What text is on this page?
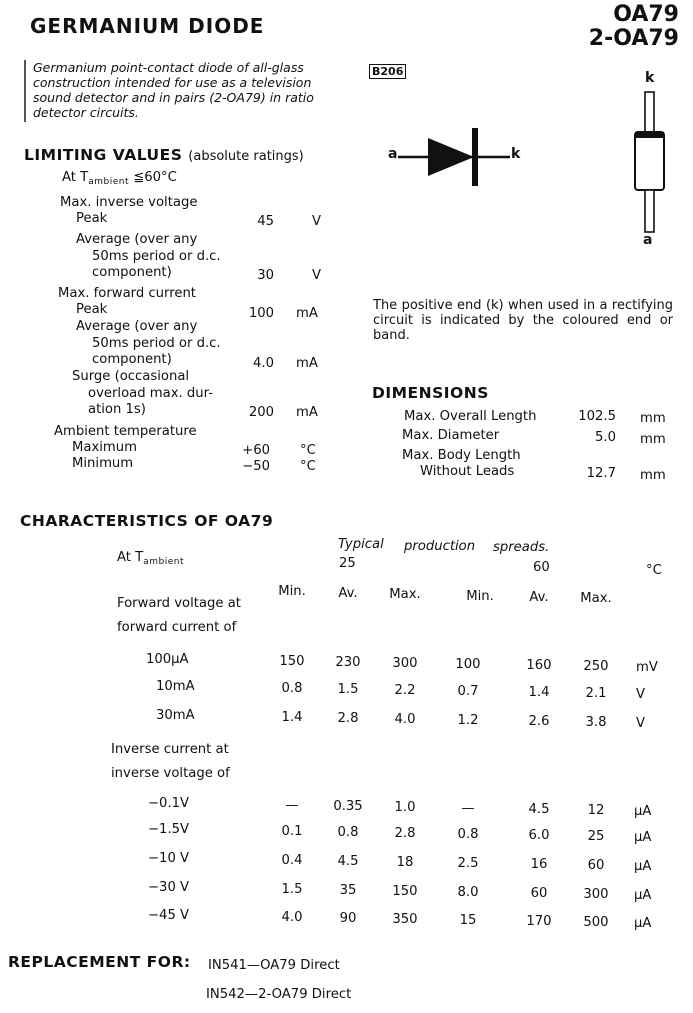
GERMANIUM DIODE	OA79
2-OA79
Germanium point-contact diode of all-glass construction intended for use as a television sound detector and in pairs (2-OA79) in ratio detector circuits.
LIMITING VALUES (absolute ratings)
At $T_{ambient}$ ≦60°C
Max. inverse voltage
Peak	45	V
Average (over any
50ms period or d.c.
component)	30	V
Max. forward current
Peak	100 mA
Average (over any
50ms period or d.c.
component)	4.0 mA
Surge (occasional
overload max. dur-
ation 1s)	200 mA
Ambient temperature
Maximum	+60 °C
Minimum	−50 °C
B206
a	k
k
a
The positive end (k) when used in a rectifying circuit is indicated by the coloured end or band.
DIMENSIONS
Max. Overall Length	102.5 mm
Max. Diameter	5.0 mm
Max. Body Length
Without Leads	12.7 mm
CHARACTERISTICS OF OA79
At $T_{ambient}$
Typical production spreads.
25	60	°C
Min.	Av.	Max.	Min.	Av.	Max.
Forward voltage at
forward current of
100µA	150	230	300	100	160	250	mV
10mA	0.8	1.5	2.2	0.7	1.4	2.1	V
30mA	1.4	2.8	4.0	1.2	2.6	3.8	V
Inverse current at
inverse voltage of
−0.1V	—	0.35	1.0	—	4.5	12	µA
−1.5V	0.1	0.8	2.8	0.8	6.0	25	µA
−10 V	0.4	4.5	18	2.5	16	60	µA
−30 V	1.5	35	150	8.0	60	300	µA
−45 V	4.0	90	350	15	170	500	µA
REPLACEMENT FOR: IN541—OA79 Direct
IN542—2-OA79 Direct
